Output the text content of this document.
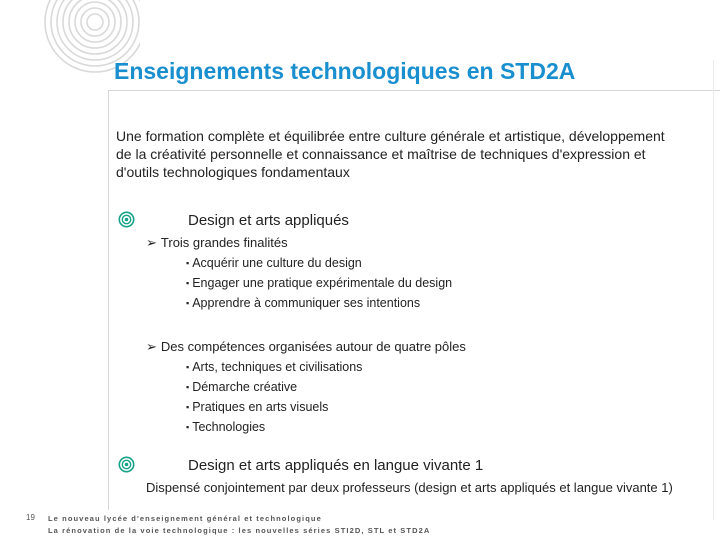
Enseignements technologiques en STD2A
Une formation complète et équilibrée entre culture générale et artistique, développement de la créativité personnelle et connaissance et maîtrise de techniques d'expression et d'outils technologiques fondamentaux
Design et arts appliqués
➢ Trois grandes finalités
▪ Acquérir une culture du design
▪ Engager une pratique expérimentale du design
▪ Apprendre à communiquer ses intentions
➢ Des compétences organisées autour de quatre pôles
▪ Arts, techniques et civilisations
▪ Démarche créative
▪ Pratiques en arts visuels
▪ Technologies
Design et arts appliqués en langue vivante 1
Dispensé conjointement par deux professeurs (design et arts appliqués et langue vivante 1)
19 Le nouveau lycée d'enseignement général et technologique
La rénovation de la voie technologique : les nouvelles séries STI2D, STL et STD2A
